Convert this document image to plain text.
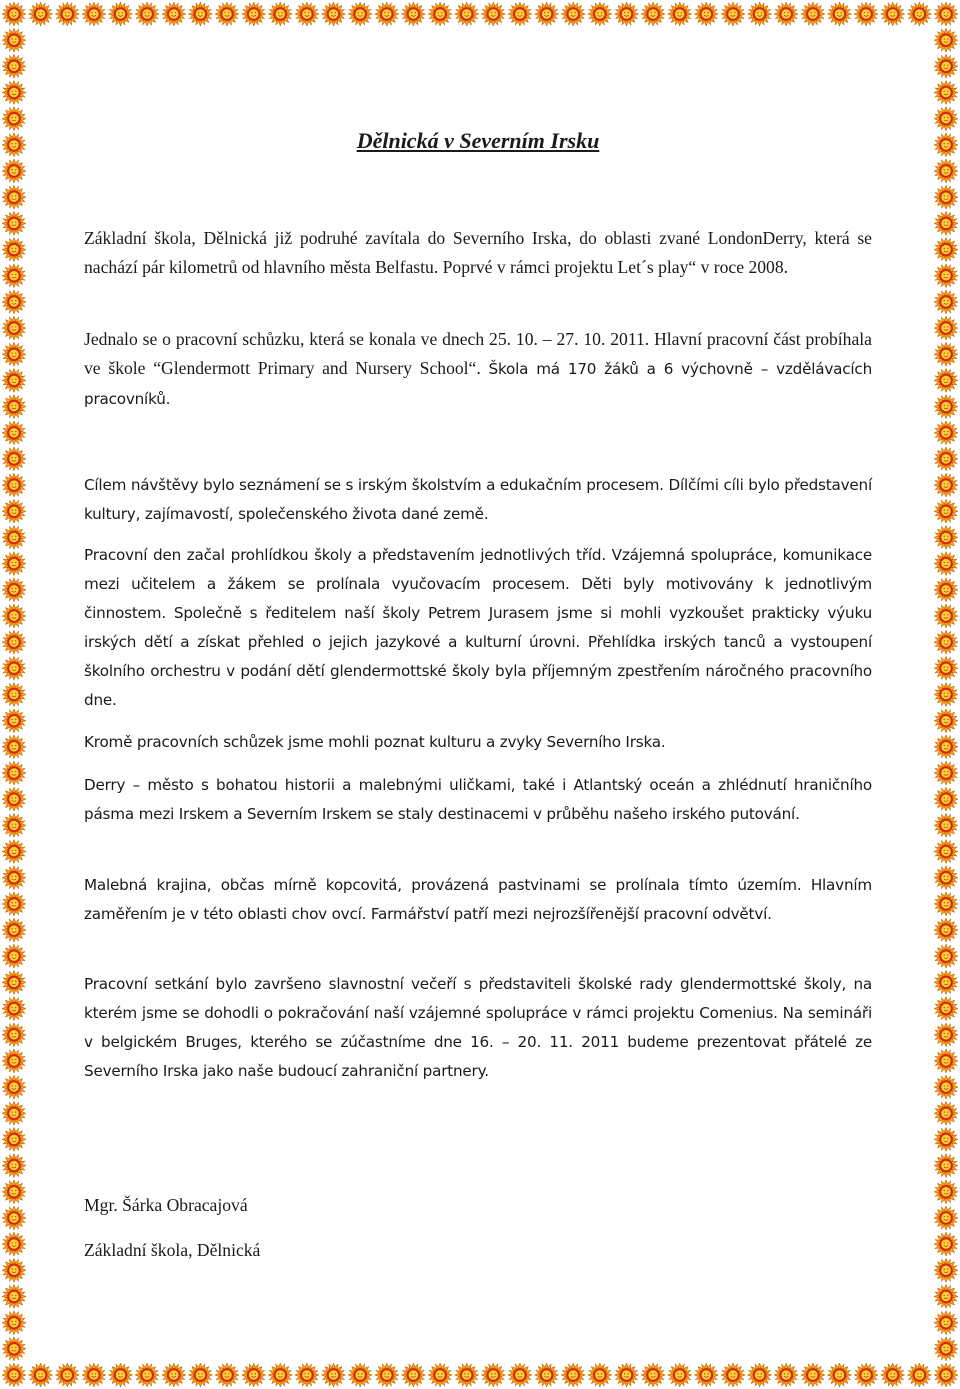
Dělnická v Severním Irsku

Základní škola, Dělnická již podruhé zavítala do Severního Irska, do oblasti zvané LondonDerry, která se nachází pár kilometrů od hlavního města Belfastu. Poprvé v rámci projektu Let´s play“ v roce 2008.

Jednalo se o pracovní schůzku, která se konala ve dnech 25. 10. – 27. 10. 2011. Hlavní pracovní část probíhala ve škole “Glendermott Primary and Nursery School“. Škola má 170 žáků a 6 výchovně – vzdělávacích pracovníků.

Cílem návštěvy bylo seznámení se s irským školstvím a edukačním procesem. Dílčími cíli bylo představení kultury, zajímavostí, společenského života dané země.

Pracovní den začal prohlídkou školy a představením jednotlivých tříd. Vzájemná spolupráce, komunikace mezi učitelem a žákem se prolínala vyučovacím procesem. Děti byly motivovány k jednotlivým činnostem. Společně s ředitelem naší školy Petrem Jurasem jsme si mohli vyzkoušet prakticky výuku irských dětí a získat přehled o jejich jazykové a kulturní úrovni. Přehlídka irských tanců a vystoupení školního orchestru v podání dětí glendermottské školy byla příjemným zpestřením náročného pracovního dne.

Kromě pracovních schůzek jsme mohli poznat kulturu a zvyky Severního Irska.

Derry – město s bohatou historii a malebnými uličkami, také i Atlantský oceán a zhlédnutí hraničního pásma mezi Irskem a Severním Irskem se staly destinacemi v průběhu našeho irského putování.

Malebná krajina, občas mírně kopcovitá, provázená pastvinami se prolínala tímto územím. Hlavním zaměřením je v této oblasti chov ovcí. Farmářství patří mezi nejrozšířenější pracovní odvětví.

Pracovní setkání bylo završeno slavnostní večeří s představiteli školské rady glendermottské školy, na kterém jsme se dohodli o pokračování naší vzájemné spolupráce v rámci projektu Comenius. Na semináři v belgickém Bruges, kterého se zúčastníme dne 16. – 20. 11. 2011 budeme prezentovat přátelé ze Severního Irska jako naše budoucí zahraniční partnery.

Mgr. Šárka Obracajová

Základní škola, Dělnická
